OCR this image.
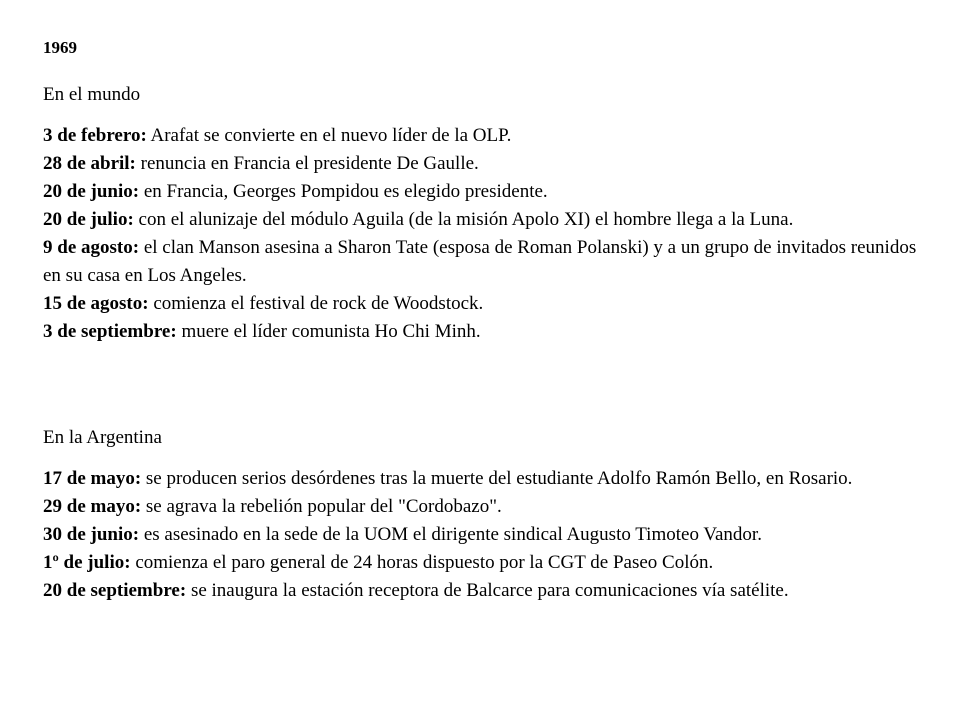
1969
En el mundo
3 de febrero: Arafat se convierte en el nuevo líder de la OLP.
28 de abril: renuncia en Francia el presidente De Gaulle.
20 de junio: en Francia, Georges Pompidou es elegido presidente.
20 de julio: con el alunizaje del módulo Aguila (de la misión Apolo XI) el hombre llega a la Luna.
9 de agosto: el clan Manson asesina a Sharon Tate (esposa de Roman Polanski) y a un grupo de invitados reunidos en su casa en Los Angeles.
15 de agosto: comienza el festival de rock de Woodstock.
3 de septiembre: muere el líder comunista Ho Chi Minh.
En la Argentina
17 de mayo: se producen serios desórdenes tras la muerte del estudiante Adolfo Ramón Bello, en Rosario.
29 de mayo: se agrava la rebelión popular del "Cordobazo".
30 de junio: es asesinado en la sede de la UOM el dirigente sindical Augusto Timoteo Vandor.
1º de julio: comienza el paro general de 24 horas dispuesto por la CGT de Paseo Colón.
20 de septiembre: se inaugura la estación receptora de Balcarce para comunicaciones vía satélite.
